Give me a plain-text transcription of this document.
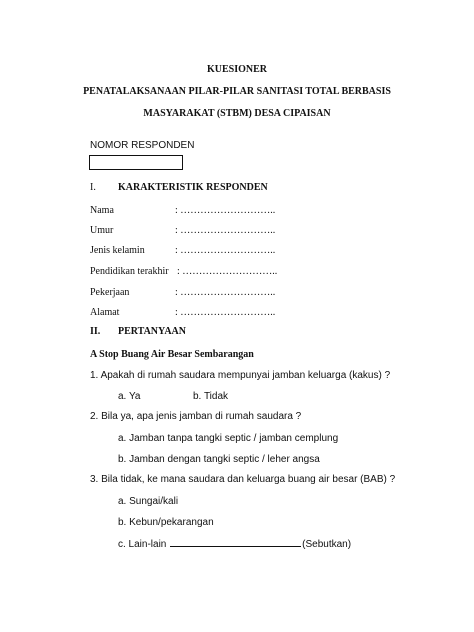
KUESIONER
PENATALAKSANAAN PILAR-PILAR SANITASI TOTAL BERBASIS
MASYARAKAT (STBM) DESA CIPAISAN
NOMOR RESPONDEN
I. KARAKTERISTIK RESPONDEN
Nama	: ………………………..
Umur	: ………………………..
Jenis kelamin	: ………………………..
Pendidikan terakhir : ………………………..
Pekerjaan	: ………………………..
Alamat	: ………………………..
II. PERTANYAAN
A Stop Buang Air Besar Sembarangan
1. Apakah di rumah saudara mempunyai jamban keluarga (kakus) ?
a. Ya	b. Tidak
2. Bila ya, apa jenis jamban di rumah saudara ?
a. Jamban tanpa tangki septic / jamban cemplung
b. Jamban dengan tangki septic / leher angsa
3. Bila tidak, ke mana saudara dan keluarga buang air besar (BAB) ?
a. Sungai/kali
b. Kebun/pekarangan
c. Lain-lain	(Sebutkan)
